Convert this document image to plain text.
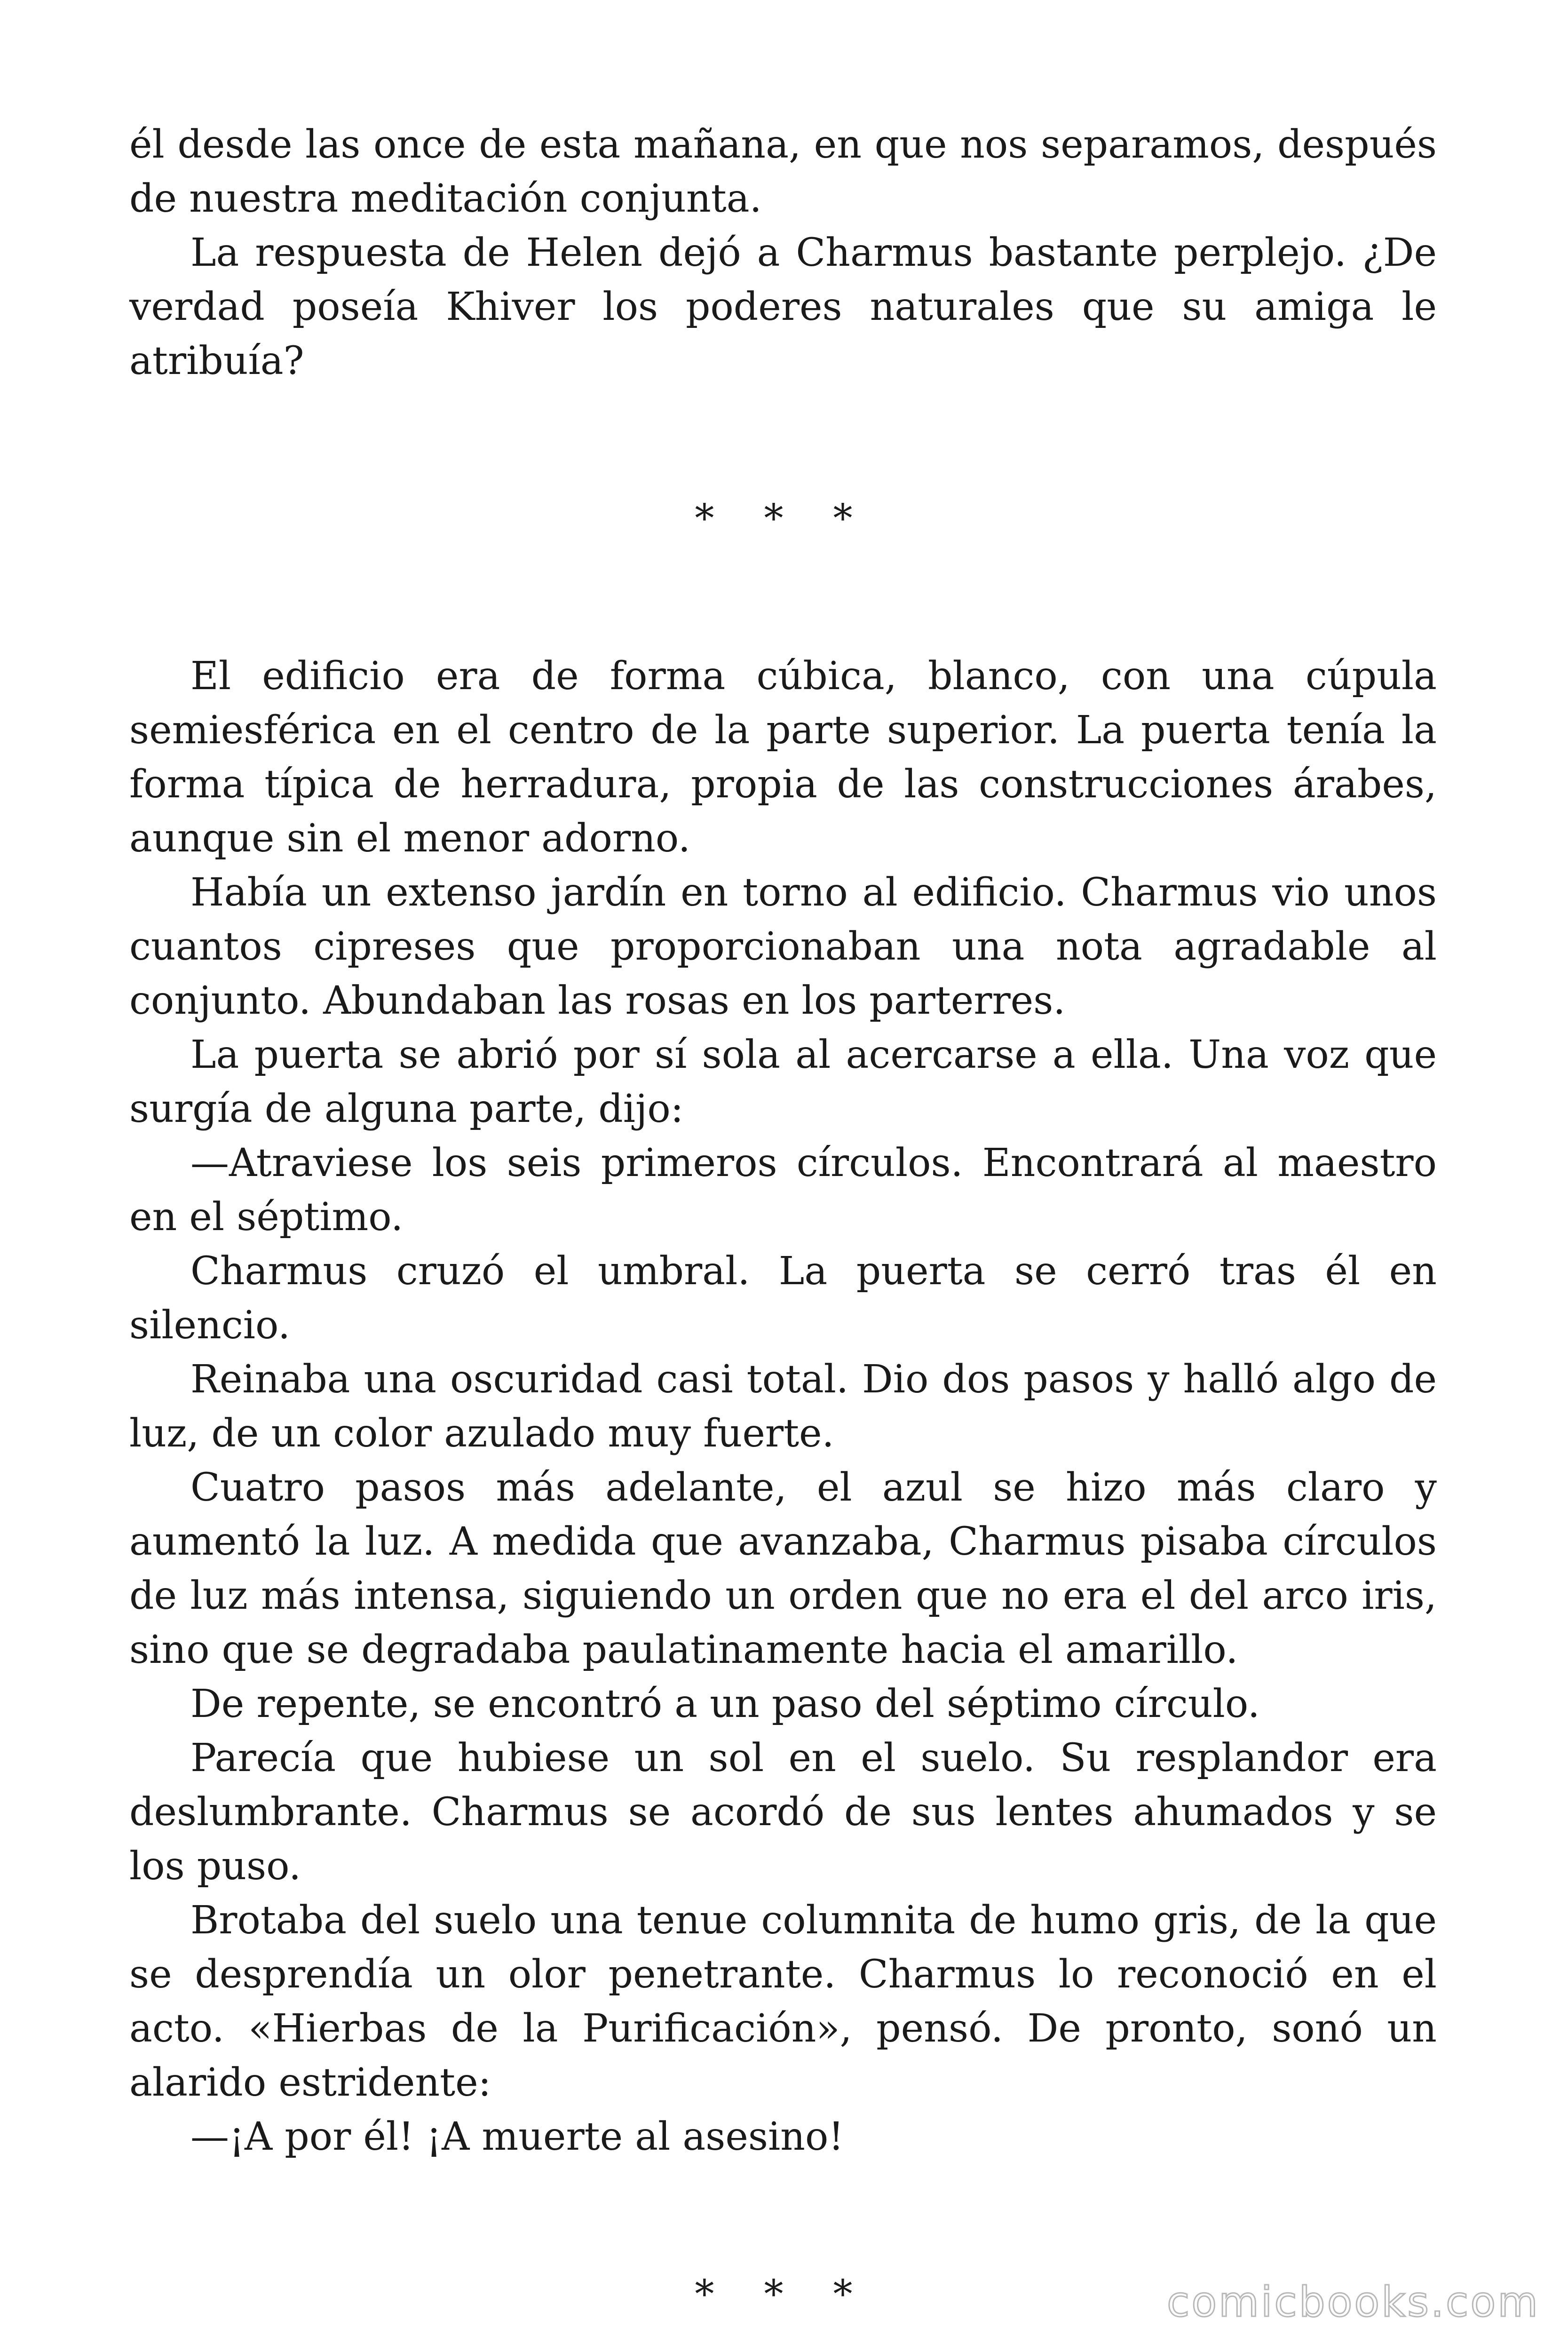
él desde las once de esta mañana, en que nos separamos, después de nuestra meditación conjunta.

La respuesta de Helen dejó a Charmus bastante perplejo. ¿De verdad poseía Khiver los poderes naturales que su amiga le atribuía?

* * *

El edificio era de forma cúbica, blanco, con una cúpula semiesférica en el centro de la parte superior. La puerta tenía la forma típica de herradura, propia de las construcciones árabes, aunque sin el menor adorno.

Había un extenso jardín en torno al edificio. Charmus vio unos cuantos cipreses que proporcionaban una nota agradable al conjunto. Abundaban las rosas en los parterres.

La puerta se abrió por sí sola al acercarse a ella. Una voz que surgía de alguna parte, dijo:

—Atraviese los seis primeros círculos. Encontrará al maestro en el séptimo.

Charmus cruzó el umbral. La puerta se cerró tras él en silencio.

Reinaba una oscuridad casi total. Dio dos pasos y halló algo de luz, de un color azulado muy fuerte.

Cuatro pasos más adelante, el azul se hizo más claro y aumentó la luz. A medida que avanzaba, Charmus pisaba círculos de luz más intensa, siguiendo un orden que no era el del arco iris, sino que se degradaba paulatinamente hacia el amarillo.

De repente, se encontró a un paso del séptimo círculo.

Parecía que hubiese un sol en el suelo. Su resplandor era deslumbrante. Charmus se acordó de sus lentes ahumados y se los puso.

Brotaba del suelo una tenue columnita de humo gris, de la que se desprendía un olor penetrante. Charmus lo reconoció en el acto. «Hierbas de la Purificación», pensó. De pronto, sonó un alarido estridente:

—¡A por él! ¡A muerte al asesino!

* * *	comicbooks.com
